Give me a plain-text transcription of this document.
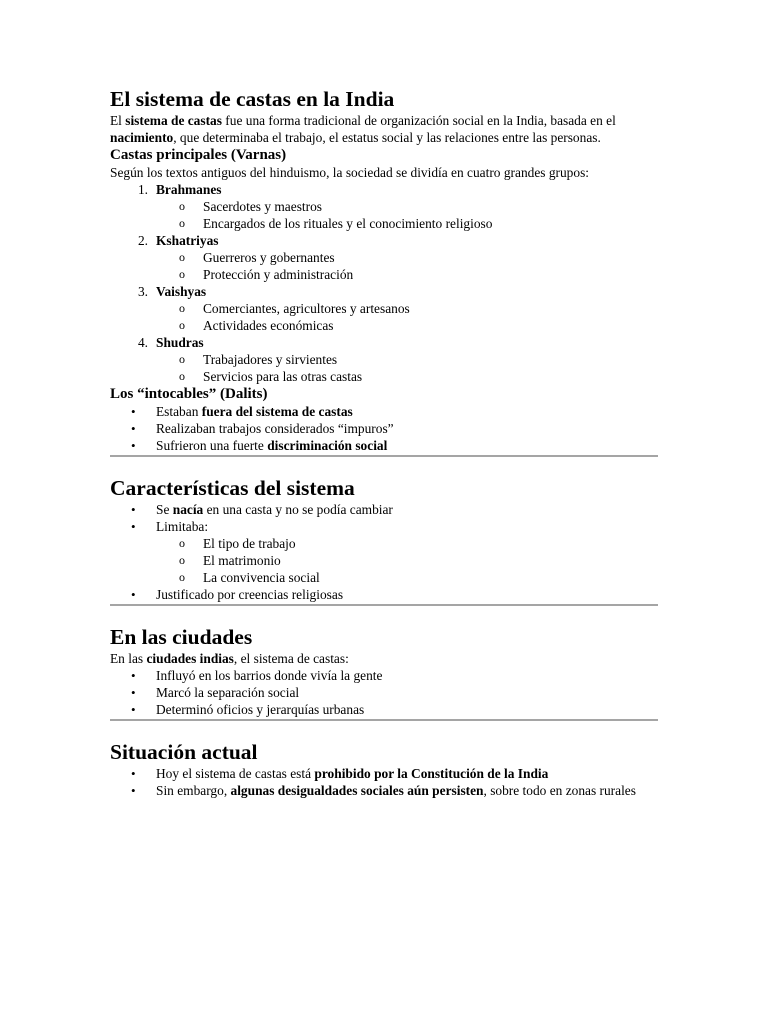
El sistema de castas en la India

El sistema de castas fue una forma tradicional de organización social en la India, basada en el nacimiento, que determinaba el trabajo, el estatus social y las relaciones entre las personas.

Castas principales (Varnas)

Según los textos antiguos del hinduismo, la sociedad se dividía en cuatro grandes grupos:

1. Brahmanes
o Sacerdotes y maestros
o Encargados de los rituales y el conocimiento religioso
2. Kshatriyas
o Guerreros y gobernantes
o Protección y administración
3. Vaishyas
o Comerciantes, agricultores y artesanos
o Actividades económicas
4. Shudras
o Trabajadores y sirvientes
o Servicios para las otras castas
Los “intocables” (Dalits)
• Estaban fuera del sistema de castas
• Realizaban trabajos considerados “impuros”
• Sufrieron una fuerte discriminación social
Características del sistema
• Se nacía en una casta y no se podía cambiar
• Limitaba:
o El tipo de trabajo
o El matrimonio
o La convivencia social
• Justificado por creencias religiosas
En las ciudades

En las ciudades indias, el sistema de castas:

• Influyó en los barrios donde vivía la gente
• Marcó la separación social
• Determinó oficios y jerarquías urbanas
Situación actual
• Hoy el sistema de castas está prohibido por la Constitución de la India
• Sin embargo, algunas desigualdades sociales aún persisten, sobre todo en zonas rurales
